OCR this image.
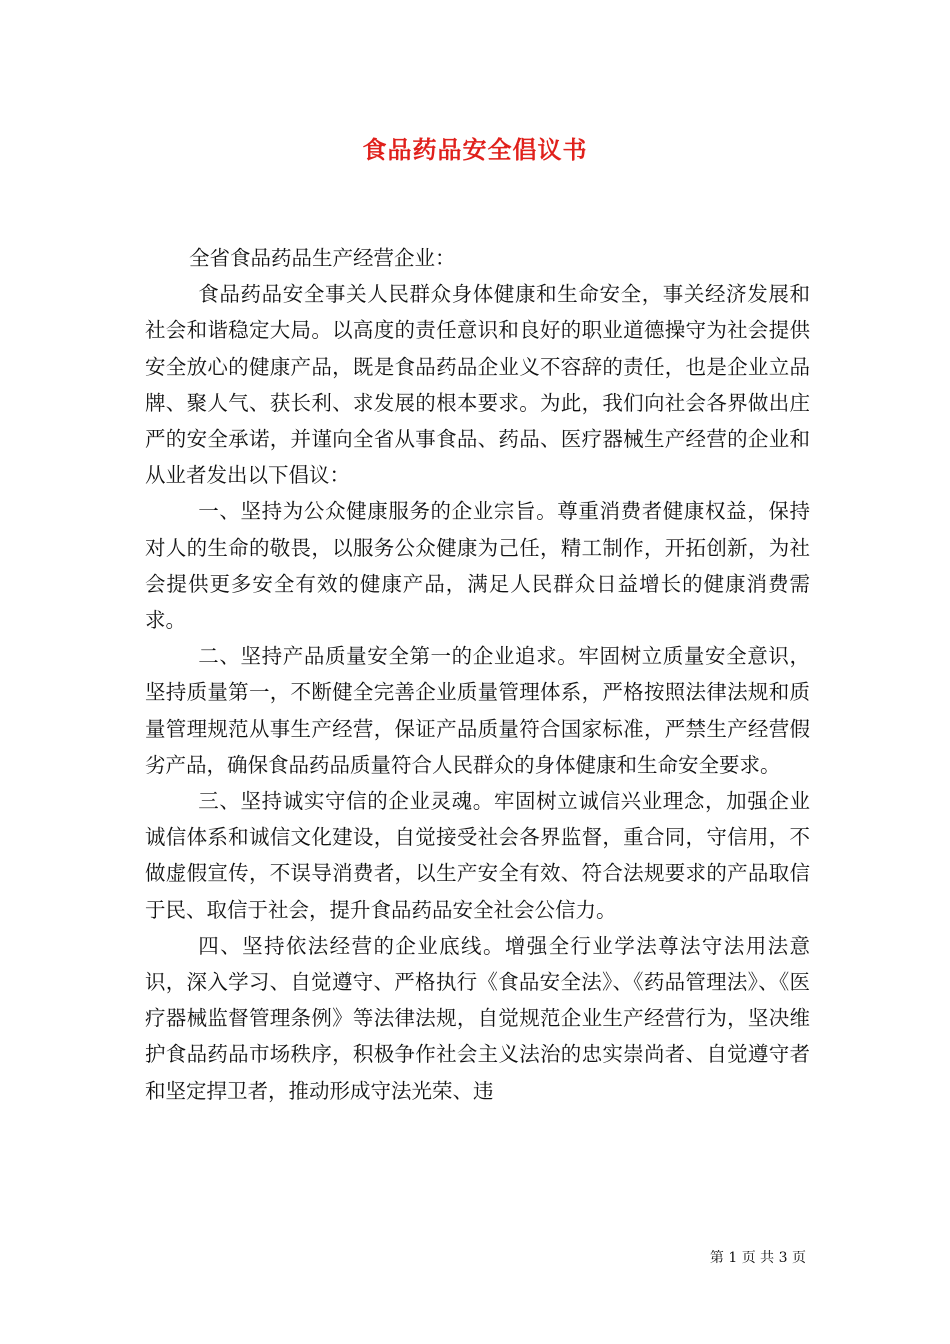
食品药品安全倡议书

全省食品药品生产经营企业：

食品药品安全事关人民群众身体健康和生命安全，事关经济发展和社会和谐稳定大局。以高度的责任意识和良好的职业道德操守为社会提供安全放心的健康产品，既是食品药品企业义不容辞的责任，也是企业立品牌、聚人气、获长利、求发展的根本要求。为此，我们向社会各界做出庄严的安全承诺，并谨向全省从事食品、药品、医疗器械生产经营的企业和从业者发出以下倡议：

一、坚持为公众健康服务的企业宗旨。尊重消费者健康权益，保持对人的生命的敬畏，以服务公众健康为己任，精工制作，开拓创新，为社会提供更多安全有效的健康产品，满足人民群众日益增长的健康消费需求。

二、坚持产品质量安全第一的企业追求。牢固树立质量安全意识，坚持质量第一，不断健全完善企业质量管理体系，严格按照法律法规和质量管理规范从事生产经营，保证产品质量符合国家标准，严禁生产经营假劣产品，确保食品药品质量符合人民群众的身体健康和生命安全要求。

三、坚持诚实守信的企业灵魂。牢固树立诚信兴业理念，加强企业诚信体系和诚信文化建设，自觉接受社会各界监督，重合同，守信用，不做虚假宣传，不误导消费者，以生产安全有效、符合法规要求的产品取信于民、取信于社会，提升食品药品安全社会公信力。

四、坚持依法经营的企业底线。增强全行业学法尊法守法用法意识，深入学习、自觉遵守、严格执行《食品安全法》、《药品管理法》、《医疗器械监督管理条例》等法律法规，自觉规范企业生产经营行为，坚决维护食品药品市场秩序，积极争作社会主义法治的忠实崇尚者、自觉遵守者和坚定捍卫者，推动形成守法光荣、违

第 1 页 共 3 页
